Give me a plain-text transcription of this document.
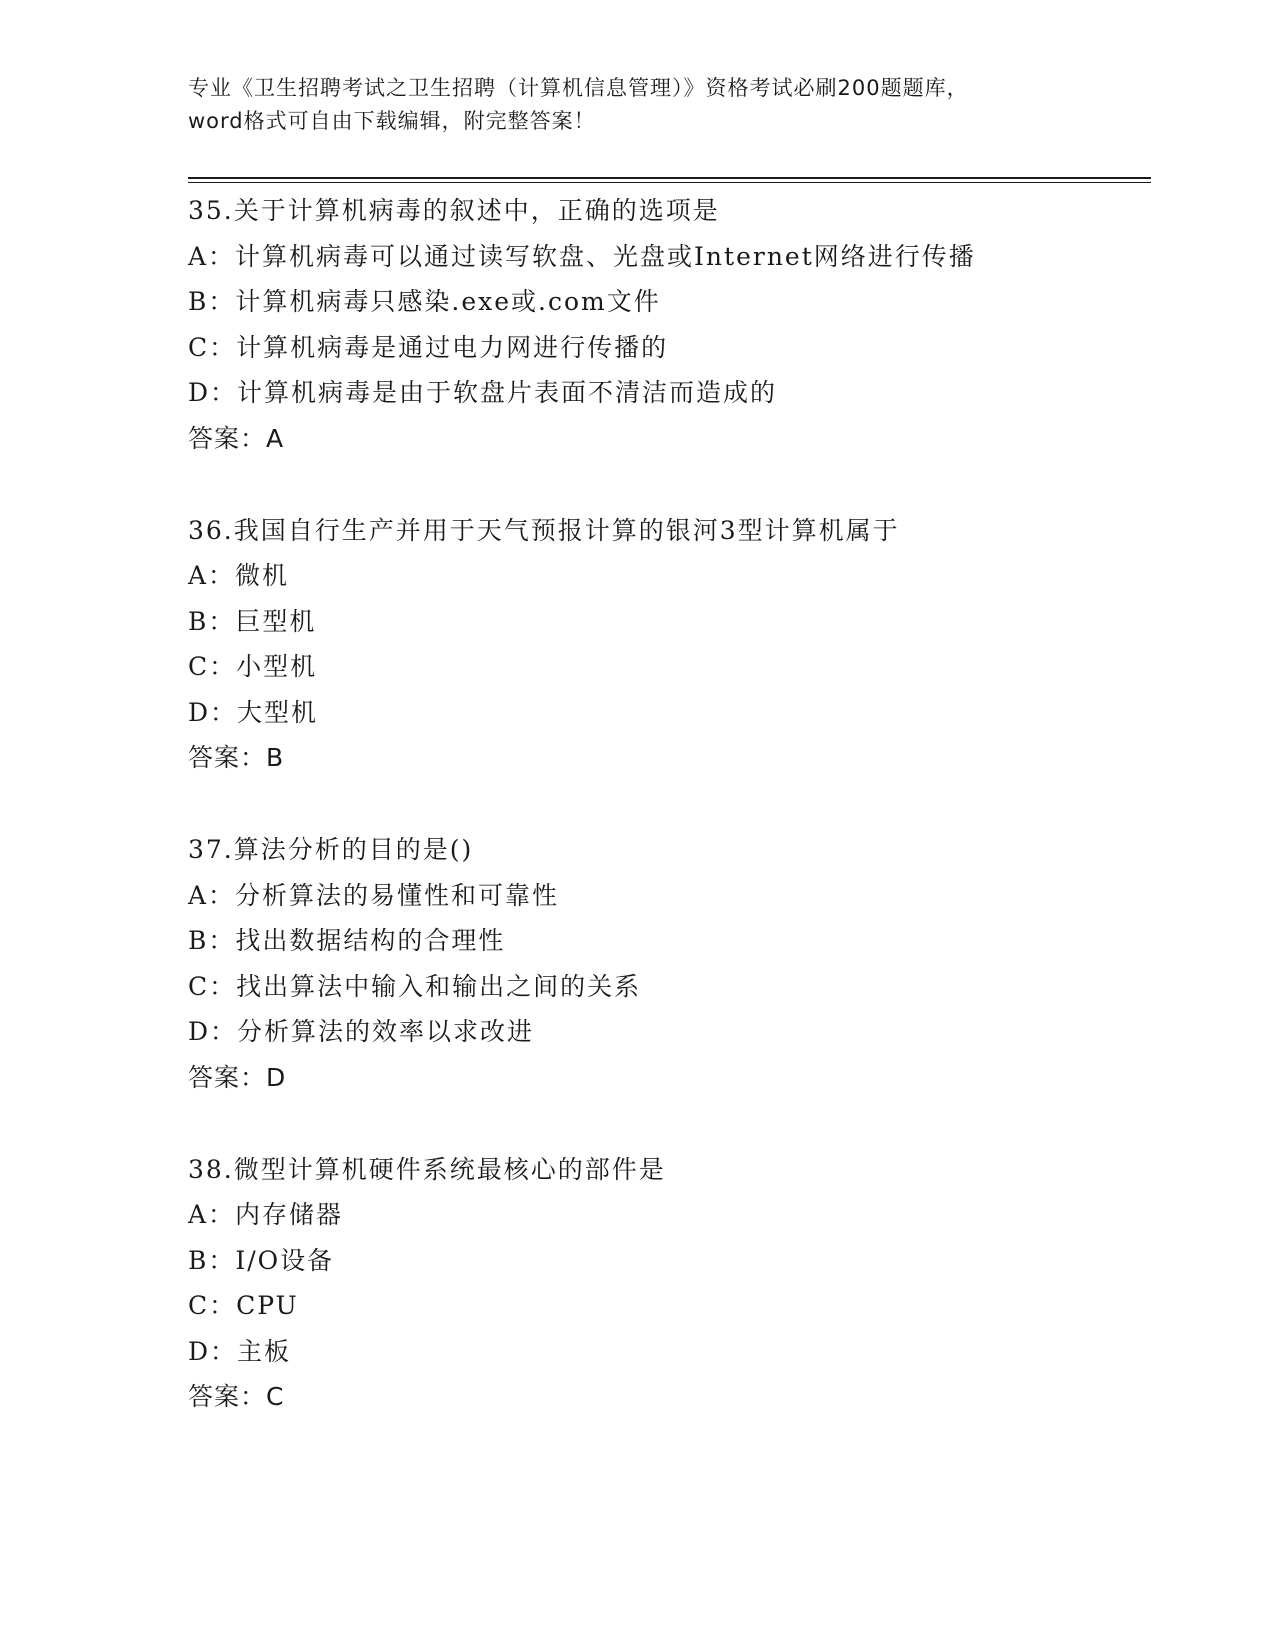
专业《卫生招聘考试之卫生招聘（计算机信息管理）》资格考试必刷200题题库，
word格式可自由下载编辑，附完整答案！
35.关于计算机病毒的叙述中，正确的选项是
A：计算机病毒可以通过读写软盘、光盘或Internet网络进行传播
B：计算机病毒只感染.exe或.com文件
C：计算机病毒是通过电力网进行传播的
D：计算机病毒是由于软盘片表面不清洁而造成的
答案：A
36.我国自行生产并用于天气预报计算的银河3型计算机属于
A：微机
B：巨型机
C：小型机
D：大型机
答案：B
37.算法分析的目的是()
A：分析算法的易懂性和可靠性
B：找出数据结构的合理性
C：找出算法中输入和输出之间的关系
D：分析算法的效率以求改进
答案：D
38.微型计算机硬件系统最核心的部件是
A：内存储器
B：I/O设备
C：CPU
D：主板
答案：C
